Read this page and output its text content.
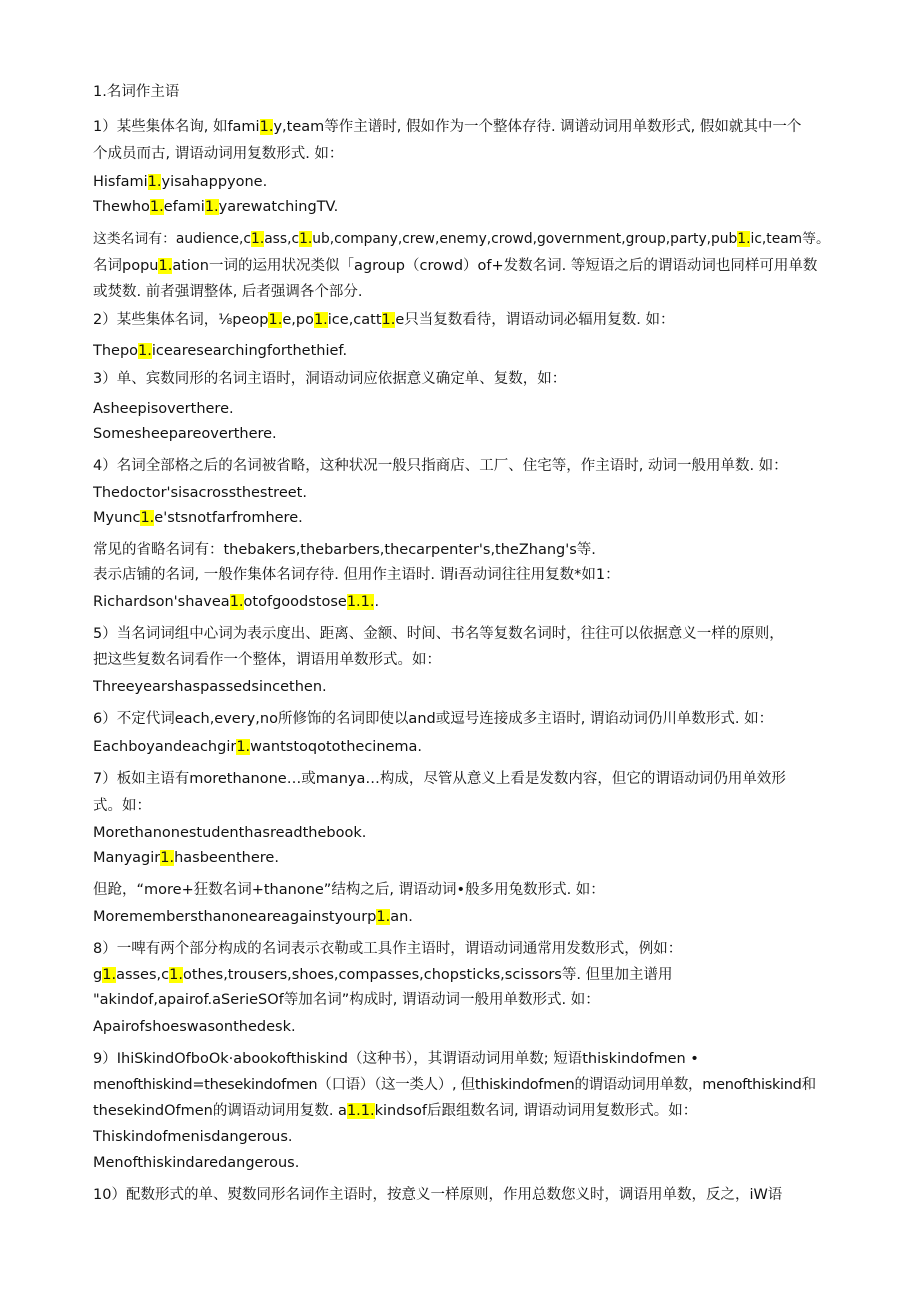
1.名词作主语
1）某些集体名询, 如fami1.y,team等作主谱时, 假如作为一个整体存待. 调谱动词用单数形式, 假如就其中一个
个成员而古, 谓语动词用复数形式. 如：
Hisfami1.yisahappyone.
Thewho1.efami1.yarewatchingTV.
这类名词有：audience,c1.ass,c1.ub,company,crew,enemy,crowd,government,group,party,pub1.ic,team等。
名词popu1.ation一词的运用状况类似「agroup（crowd）of+发数名词. 等短语之后的谓语动词也同样可用单数
或焚数. 前者强谓整体, 后者强调各个部分.
2）某些集体名词，⅛peop1.e,po1.ice,catt1.e只当复数看待，谓语动词必辐用复数. 如：
Thepo1.icearesearchingforthethief.
3）单、宾数同形的名词主语时，洞语动词应依据意义确定单、复数，如：
Asheepisoverthere.
Somesheepareoverthere.
4）名词全部格之后的名词被省略，这种状况一般只指商店、工厂、住宅等，作主语时, 动词一般用单数. 如：
Thedoctor'sisacrossthestreet.
Myunc1.e'stsnotfarfromhere.
常见的省略名词有：thebakers,thebarbers,thecarpenter's,theZhang's等.
表示店铺的名词, 一般作集体名词存待. 但用作主语时. 谓i吾动词往往用复数*如1：
Richardson'shavea1.otofgoodstose1.1..
5）当名词词组中心词为表示度出、距离、金额、时间、书名等复数名词时，往往可以依据意义一样的原则，
把这些复数名词看作一个整体，谓语用单数形式。如：
Threeyearshaspassedsincethen.
6）不定代词each,every,no所修饰的名词即使以and或逗号连接成多主语时, 谓谄动词仍川单数形式. 如：
Eachboyandeachgir1.wantstoqotothecinema.
7）板如主语有morethanone…或manya…构成，尽管从意义上看是发数内容，但它的谓语动词仍用单效形
式。如：
Morethanonestudenthasreadthebook.
Manyagir1.hasbeenthere.
但跄，“more+狂数名词+thanone”结构之后, 谓语动词•般多用兔数形式. 如：
Moremembersthanoneareagainstyourp1.an.
8）一啤有两个部分构成的名词表示衣勒或工具作主语时，谓语动词通常用发数形式，例如：
g1.asses,c1.othes,trousers,shoes,compasses,chopsticks,scissors等. 但里加主谱用
"akindof,apairof.aSerieSOf等加名词”构成时, 谓语动词一般用单数形式. 如：
Apairofshoeswasonthedesk.
9）IhiSkindOfboOk·abookofthiskind（这种书），其谓语动词用单数; 短语thiskindofmen •
menofthiskind=thesekindofmen（口语）（这一类人）, 但thiskindofmen的谓语动词用单数，menofthiskind和
thesekindOfmen的调语动词用复数. a1.1.kindsof后跟组数名词, 谓语动词用复数形式。如：
Thiskindofmenisdangerous.
Menofthiskindaredangerous.
10）配数形式的单、熨数同形名词作主语时，按意义一样原则，作用总数您义时，调语用单数，反之，iW语
